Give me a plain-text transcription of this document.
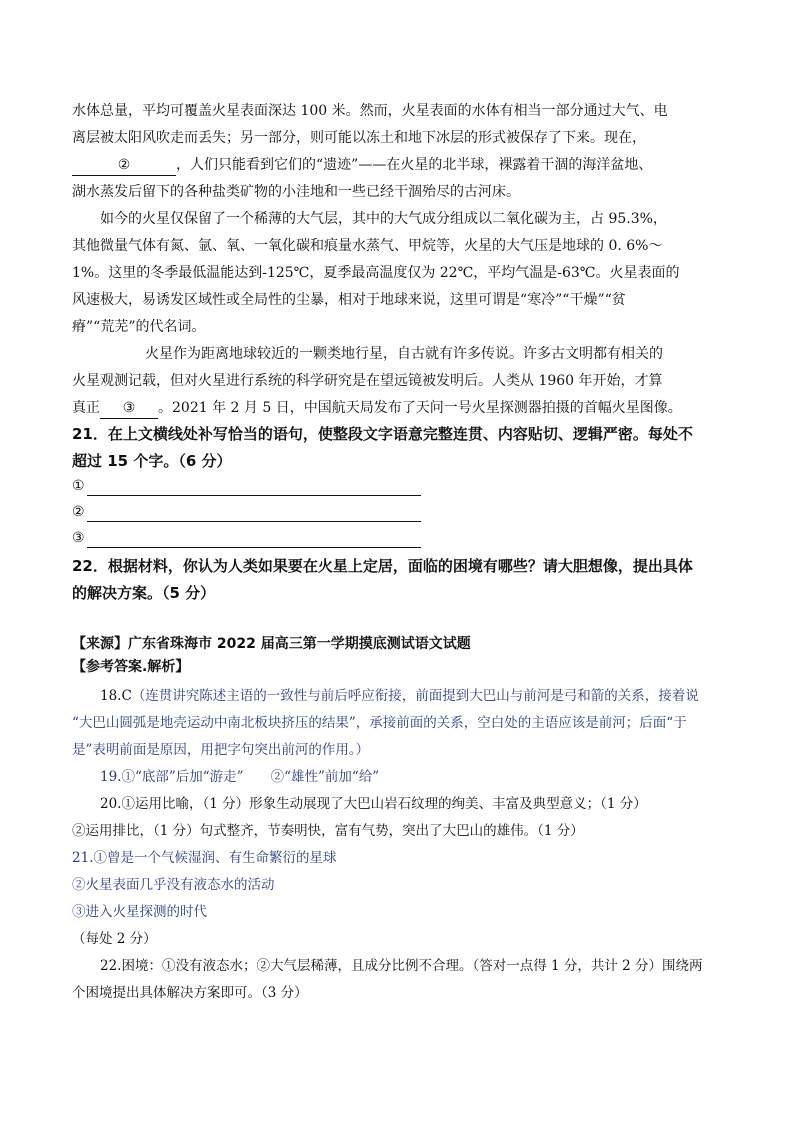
水体总量，平均可覆盖火星表面深达 100 米。然而，火星表面的水体有相当一部分通过大气、电

离层被太阳风吹走而丢失；另一部分，则可能以冻土和地下冰层的形式被保存了下来。现在，

②	，人们只能看到它们的“遗迹”——在火星的北半球，裸露着干涸的海洋盆地、

湖水蒸发后留下的各种盐类矿物的小洼地和一些已经干涸殆尽的古河床。

如今的火星仅保留了一个稀薄的大气层，其中的大气成分组成以二氧化碳为主，占 95.3%，

其他微量气体有氮、氩、氧、一氧化碳和痕量水蒸气、甲烷等，火星的大气压是地球的 0. 6%～

1%。这里的冬季最低温能达到-125℃，夏季最高温度仅为 22℃，平均气温是-63℃。火星表面的

风速极大，易诱发区域性或全局性的尘暴，相对于地球来说，这里可谓是“寒冷”“干燥”“贫

瘠”“荒芜”的代名词。

火星作为距离地球较近的一颗类地行星，自古就有许多传说。许多古文明都有相关的

火星观测记载，但对火星进行系统的科学研究是在望远镜被发明后。人类从 1960 年开始，才算

真正 ③ 。2021 年 2 月 5 日，中国航天局发布了天问一号火星探测器拍摄的首幅火星图像。

21．在上文横线处补写恰当的语句，使整段文字语意完整连贯、内容贴切、逻辑严密。每处不

超过 15 个字。（6 分）

①
②
③

22．根据材料，你认为人类如果要在火星上定居，面临的困境有哪些？请大胆想像，提出具体

的解决方案。（5 分）

【来源】广东省珠海市 2022 届高三第一学期摸底测试语文试题
【参考答案.解析】

18.C（连贯讲究陈述主语的一致性与前后呼应衔接，前面提到大巴山与前河是弓和箭的关系，接着说

“大巴山圆弧是地壳运动中南北板块挤压的结果”，承接前面的关系，空白处的主语应该是前河；后面“于

是”表明前面是原因，用把字句突出前河的作用。）

19.①“底部”后加“游走”　　②“雄性”前加“给”

20.①运用比喻，（1 分）形象生动展现了大巴山岩石纹理的绚美、丰富及典型意义；（1 分）

②运用排比，（1 分）句式整齐，节奏明快，富有气势，突出了大巴山的雄伟。（1 分）

21.①曾是一个气候湿润、有生命繁衍的星球

②火星表面几乎没有液态水的活动

③进入火星探测的时代

（每处 2 分）

22.困境：①没有液态水；②大气层稀薄，且成分比例不合理。（答对一点得 1 分，共计 2 分）围绕两

个困境提出具体解决方案即可。（3 分）
